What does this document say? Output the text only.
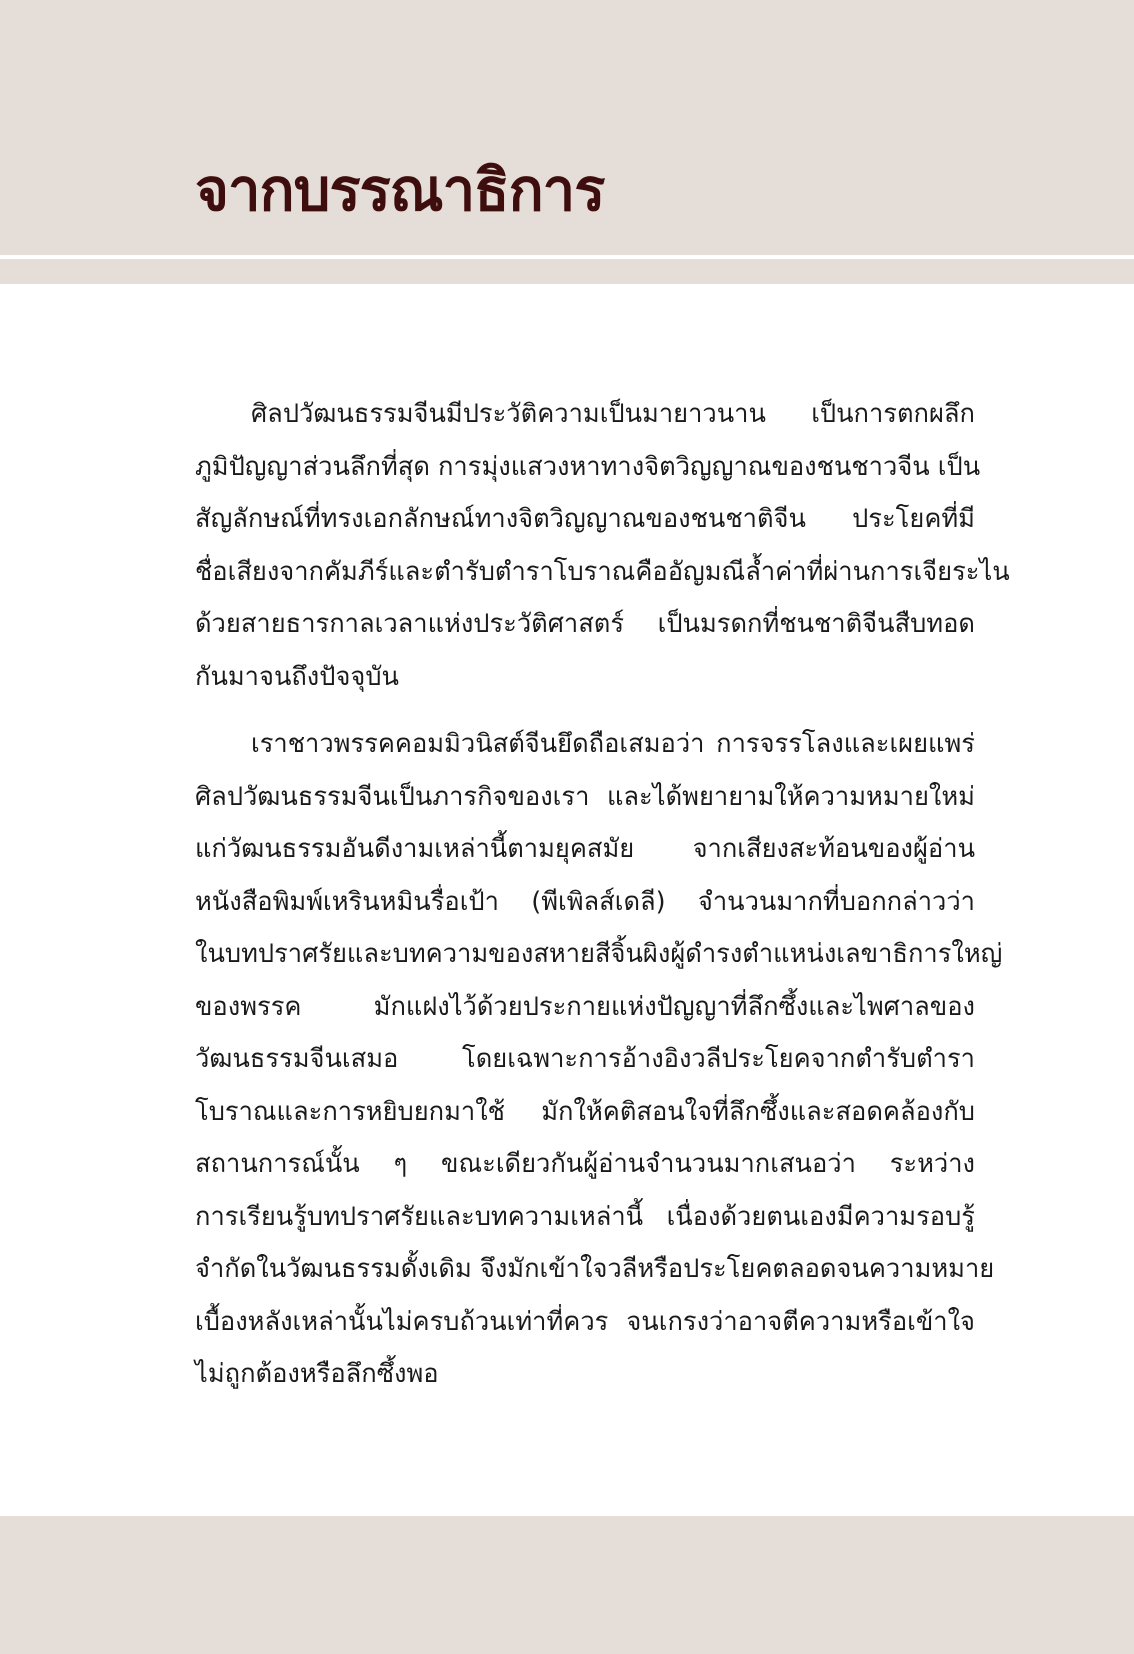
จากบรรณาธิการ

ศิลปวัฒนธรรมจีนมีประวัติความเป็นมายาวนาน เป็นการตกผลึก
ภูมิปัญญาส่วนลึกที่สุด การมุ่งแสวงหาทางจิตวิญญาณของชนชาวจีน เป็น
สัญลักษณ์ที่ทรงเอกลักษณ์ทางจิตวิญญาณของชนชาติจีน ประโยคที่มี
ชื่อเสียงจากคัมภีร์และตำรับตำราโบราณคืออัญมณีล้ำค่าที่ผ่านการเจียระไน
ด้วยสายธารกาลเวลาแห่งประวัติศาสตร์ เป็นมรดกที่ชนชาติจีนสืบทอด
กันมาจนถึงปัจจุบัน

เราชาวพรรคคอมมิวนิสต์จีนยึดถือเสมอว่า การจรรโลงและเผยแพร่
ศิลปวัฒนธรรมจีนเป็นภารกิจของเรา และได้พยายามให้ความหมายใหม่
แก่วัฒนธรรมอันดีงามเหล่านี้ตามยุคสมัย จากเสียงสะท้อนของผู้อ่าน
หนังสือพิมพ์เหรินหมินรื่อเป้า (พีเพิลส์เดลี) จำนวนมากที่บอกกล่าวว่า
ในบทปราศรัยและบทความของสหายสีจิ้นผิงผู้ดำรงตำแหน่งเลขาธิการใหญ่
ของพรรค มักแฝงไว้ด้วยประกายแห่งปัญญาที่ลึกซึ้งและไพศาลของ
วัฒนธรรมจีนเสมอ โดยเฉพาะการอ้างอิงวลีประโยคจากตำรับตำรา
โบราณและการหยิบยกมาใช้ มักให้คติสอนใจที่ลึกซึ้งและสอดคล้องกับ
สถานการณ์นั้น ๆ ขณะเดียวกันผู้อ่านจำนวนมากเสนอว่า ระหว่าง
การเรียนรู้บทปราศรัยและบทความเหล่านี้ เนื่องด้วยตนเองมีความรอบรู้
จำกัดในวัฒนธรรมดั้งเดิม จึงมักเข้าใจวลีหรือประโยคตลอดจนความหมาย
เบื้องหลังเหล่านั้นไม่ครบถ้วนเท่าที่ควร จนเกรงว่าอาจตีความหรือเข้าใจ
ไม่ถูกต้องหรือลึกซึ้งพอ
